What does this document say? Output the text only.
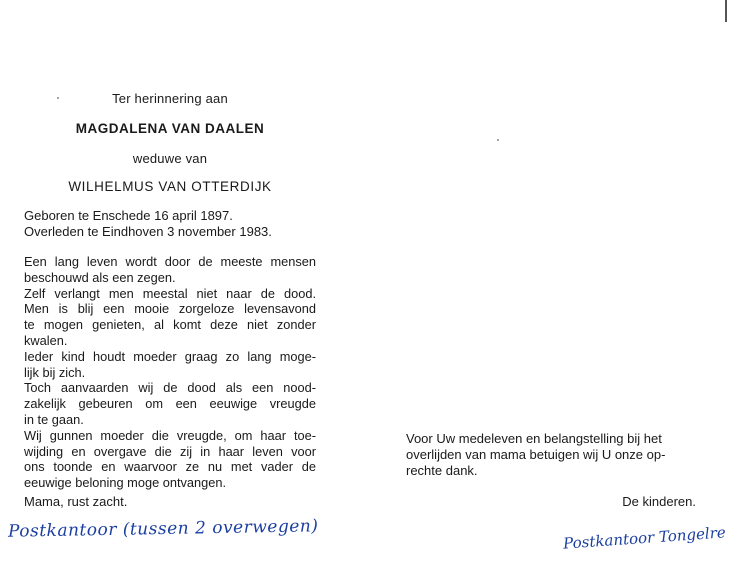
Ter herinnering aan
MAGDALENA VAN DAALEN
weduwe van
WILHELMUS VAN OTTERDIJK
Geboren te Enschede 16 april 1897.
Overleden te Eindhoven 3 november 1983.
Een lang leven wordt door de meeste mensen
beschouwd als een zegen.
Zelf verlangt men meestal niet naar de dood.
Men is blij een mooie zorgeloze levensavond
te mogen genieten, al komt deze niet zonder
kwalen.
Ieder kind houdt moeder graag zo lang moge-
lijk bij zich.
Toch aanvaarden wij de dood als een nood-
zakelijk gebeuren om een eeuwige vreugde
in te gaan.
Wij gunnen moeder die vreugde, om haar toe-
wijding en overgave die zij in haar leven voor
ons toonde en waarvoor ze nu met vader de
eeuwige beloning moge ontvangen.
Mama, rust zacht.
Voor Uw medeleven en belangstelling bij het
overlijden van mama betuigen wij U onze op-
rechte dank.
De kinderen.
Postkantoor (tussen 2 overwegen)	Postkantoor Tongelre
